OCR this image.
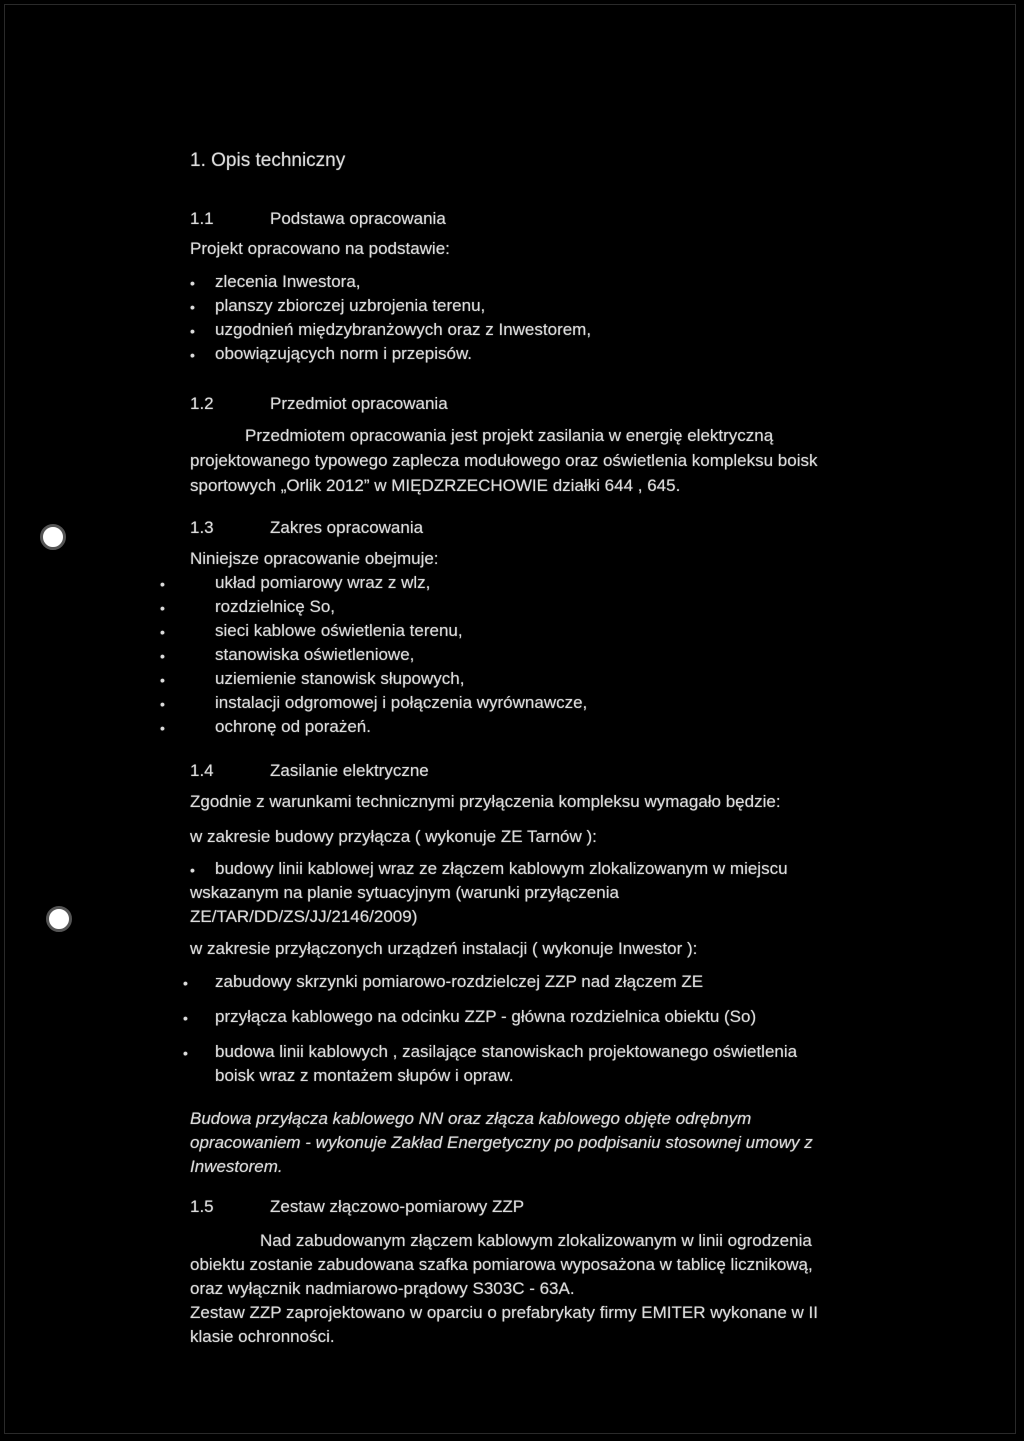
1. Opis techniczny
1.1	Podstawa opracowania
Projekt opracowano na podstawie:
• zlecenia Inwestora,
• planszy zbiorczej uzbrojenia terenu,
• uzgodnień międzybranżowych oraz z Inwestorem,
• obowiązujących norm i przepisów.
1.2	Przedmiot opracowania
Przedmiotem opracowania jest projekt zasilania w energię elektryczną
projektowanego typowego zaplecza modułowego oraz oświetlenia kompleksu boisk
sportowych „Orlik 2012” w MIĘDZRZECHOWIE działki 644 , 645.
1.3	Zakres opracowania
Niniejsze opracowanie obejmuje:
•	układ pomiarowy wraz z wlz,
•	rozdzielnicę So,
•	sieci kablowe oświetlenia terenu,
•	stanowiska oświetleniowe,
•	uziemienie stanowisk słupowych,
•	instalacji odgromowej i połączenia wyrównawcze,
•	ochronę od porażeń.
1.4	Zasilanie elektryczne
Zgodnie z warunkami technicznymi przyłączenia kompleksu wymagało będzie:
w zakresie budowy przyłącza ( wykonuje ZE Tarnów ):
• budowy linii kablowej wraz ze złączem kablowym zlokalizowanym w miejscu
wskazanym na planie sytuacyjnym (warunki przyłączenia
ZE/TAR/DD/ZS/JJ/2146/2009)
w zakresie przyłączonych urządzeń instalacji ( wykonuje Inwestor ):
• zabudowy skrzynki pomiarowo-rozdzielczej ZZP nad złączem ZE
• przyłącza kablowego na odcinku ZZP - główna rozdzielnica obiektu (So)
• budowa linii kablowych , zasilające stanowiskach projektowanego oświetlenia
boisk wraz z montażem słupów i opraw.
Budowa przyłącza kablowego NN oraz złącza kablowego objęte odrębnym
opracowaniem - wykonuje Zakład Energetyczny po podpisaniu stosownej umowy z
Inwestorem.
1.5	Zestaw złączowo-pomiarowy ZZP
Nad zabudowanym złączem kablowym zlokalizowanym w linii ogrodzenia
obiektu zostanie zabudowana szafka pomiarowa wyposażona w tablicę licznikową,
oraz wyłącznik nadmiarowo-prądowy S303C - 63A.
Zestaw ZZP zaprojektowano w oparciu o prefabrykaty firmy EMITER wykonane w II
klasie ochronności.
